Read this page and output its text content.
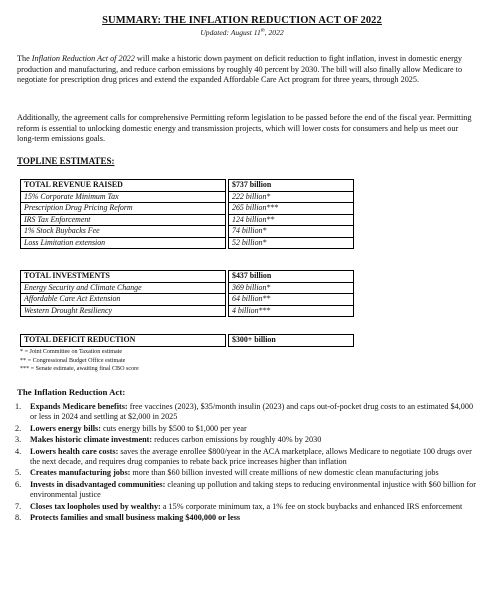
SUMMARY: THE INFLATION REDUCTION ACT OF 2022
Updated: August 11th, 2022
The Inflation Reduction Act of 2022 will make a historic down payment on deficit reduction to fight inflation, invest in domestic energy production and manufacturing, and reduce carbon emissions by roughly 40 percent by 2030. The bill will also finally allow Medicare to negotiate for prescription drug prices and extend the expanded Affordable Care Act program for three years, through 2025.
Additionally, the agreement calls for comprehensive Permitting reform legislation to be passed before the end of the fiscal year. Permitting reform is essential to unlocking domestic energy and transmission projects, which will lower costs for consumers and help us meet our long-term emissions goals.
TOPLINE ESTIMATES:
TOTAL REVENUE RAISED		$737 billion
15% Corporate Minimum Tax		222 billion*
Prescription Drug Pricing Reform		265 billion***
IRS Tax Enforcement		124 billion**
1% Stock Buybacks Fee		74 billion*
Loss Limitation extension		52 billion*
TOTAL INVESTMENTS		$437 billion
Energy Security and Climate Change		369 billion*
Affordable Care Act Extension		64 billion**
Western Drought Resiliency		4 billion***
TOTAL DEFICIT REDUCTION		$300+ billion
* = Joint Committee on Taxation estimate
** = Congressional Budget Office estimate
*** = Senate estimate, awaiting final CBO score
The Inflation Reduction Act:
1. Expands Medicare benefits: free vaccines (2023), $35/month insulin (2023) and caps out-of-pocket drug costs to an estimated $4,000 or less in 2024 and settling at $2,000 in 2025
2. Lowers energy bills: cuts energy bills by $500 to $1,000 per year
3. Makes historic climate investment: reduces carbon emissions by roughly 40% by 2030
4. Lowers health care costs: saves the average enrollee $800/year in the ACA marketplace, allows Medicare to negotiate 100 drugs over the next decade, and requires drug companies to rebate back price increases higher than inflation
5. Creates manufacturing jobs: more than $60 billion invested will create millions of new domestic clean manufacturing jobs
6. Invests in disadvantaged communities: cleaning up pollution and taking steps to reducing environmental injustice with $60 billion for environmental justice
7. Closes tax loopholes used by wealthy: a 15% corporate minimum tax, a 1% fee on stock buybacks and enhanced IRS enforcement
8. Protects families and small business making $400,000 or less
